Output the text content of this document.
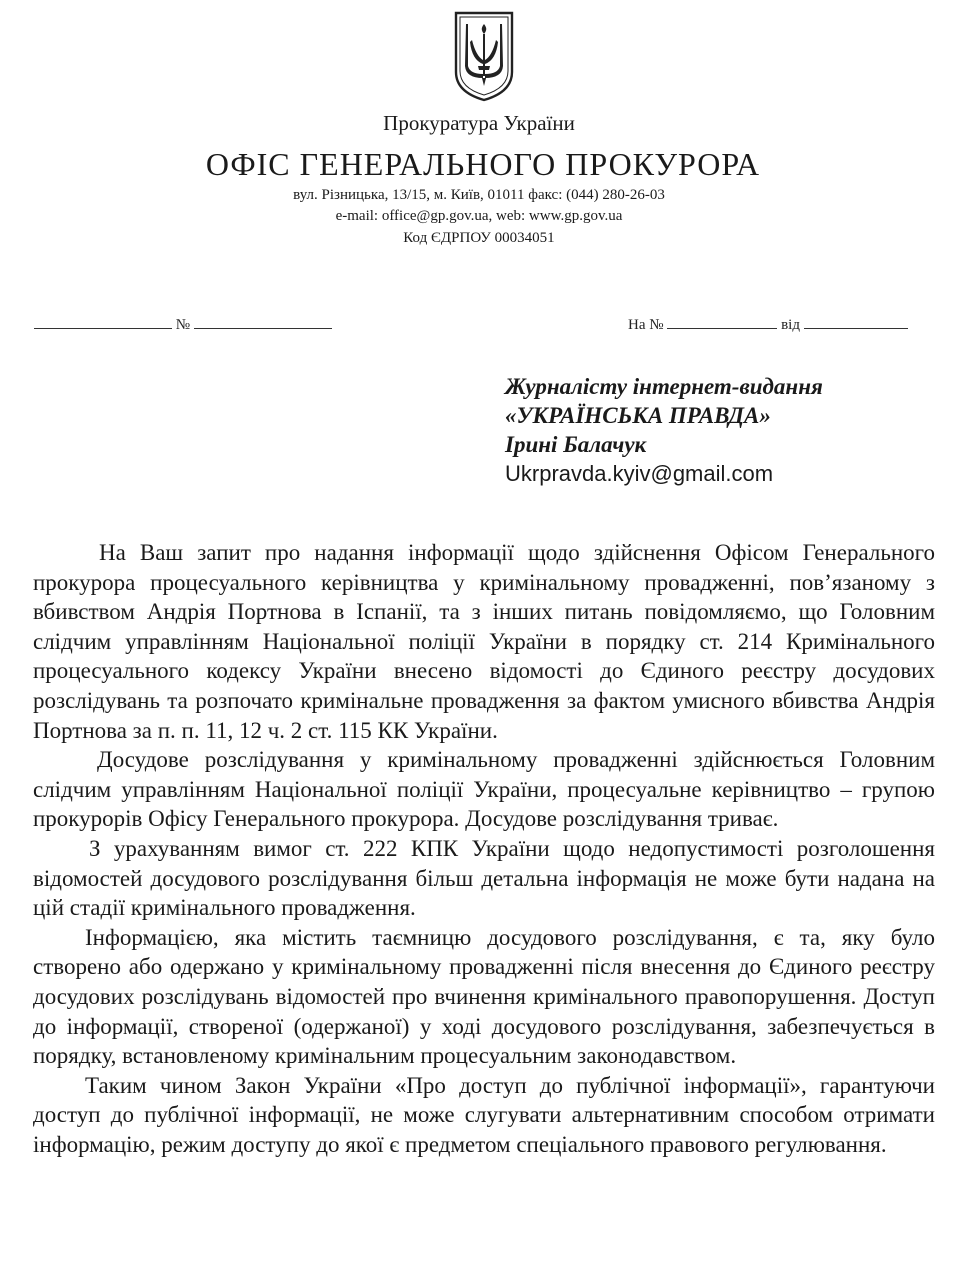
Прокуратура України

ОФІС ГЕНЕРАЛЬНОГО ПРОКУРОРА

вул. Різницька, 13/15, м. Київ, 01011 факс: (044) 280-26-03

e-mail: office@gp.gov.ua, web: www.gp.gov.ua

Код ЄДРПОУ 00034051

№	На №	від
Журналісту інтернет-видання
«УКРАЇНСЬКА ПРАВДА»
Ірині Балачук
Ukrpravda.kyiv@gmail.com

На Ваш запит про надання інформації щодо здійснення Офісом Генерального прокурора процесуального керівництва у кримінальному провадженні, пов’язаному з вбивством Андрія Портнова в Іспанії, та з інших питань повідомляємо, що Головним слідчим управлінням Національної поліції України в порядку ст. 214 Кримінального процесуального кодексу України внесено відомості до Єдиного реєстру досудових розслідувань та розпочато кримінальне провадження за фактом умисного вбивства Андрія Портнова за п. п. 11, 12 ч. 2 ст. 115 КК України.

Досудове розслідування у кримінальному провадженні здійснюється Головним слідчим управлінням Національної поліції України, процесуальне керівництво – групою прокурорів Офісу Генерального прокурора. Досудове розслідування триває.

З урахуванням вимог ст. 222 КПК України щодо недопустимості розголошення відомостей досудового розслідування більш детальна інформація не може бути надана на цій стадії кримінального провадження.

Інформацією, яка містить таємницю досудового розслідування, є та, яку було створено або одержано у кримінальному провадженні після внесення до Єдиного реєстру досудових розслідувань відомостей про вчинення кримінального правопорушення. Доступ до інформації, створеної (одержаної) у ході досудового розслідування, забезпечується в порядку, встановленому кримінальним процесуальним законодавством.

Таким чином Закон України «Про доступ до публічної інформації», гарантуючи доступ до публічної інформації, не може слугувати альтернативним способом отримати інформацію, режим доступу до якої є предметом спеціального правового регулювання.
